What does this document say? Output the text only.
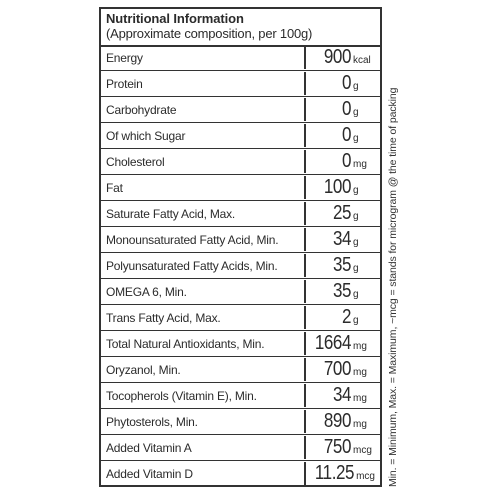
Nutritional Information
(Approximate composition, per 100g)
Energy	900 kcal
Protein	0 g
Carbohydrate	0 g
Of which Sugar	0 g
Cholesterol	0 mg
Fat	100 g
Saturate Fatty Acid, Max.	25 g
Monounsaturated Fatty Acid, Min.	34 g
Polyunsaturated Fatty Acids, Min.	35 g
OMEGA 6, Min.	35 g
Trans Fatty Acid, Max.	2 g
Total Natural Antioxidants, Min.	1664 mg
Oryzanol, Min.	700 mg
Tocopherols (Vitamin E), Min.	34 mg
Phytosterols, Min.	890 mg
Added Vitamin A	750 mcg
Added Vitamin D	11.25 mcg Min. = Minimum, Max. = Maximum, ~mcg = stands for microgram @ the time of packing
